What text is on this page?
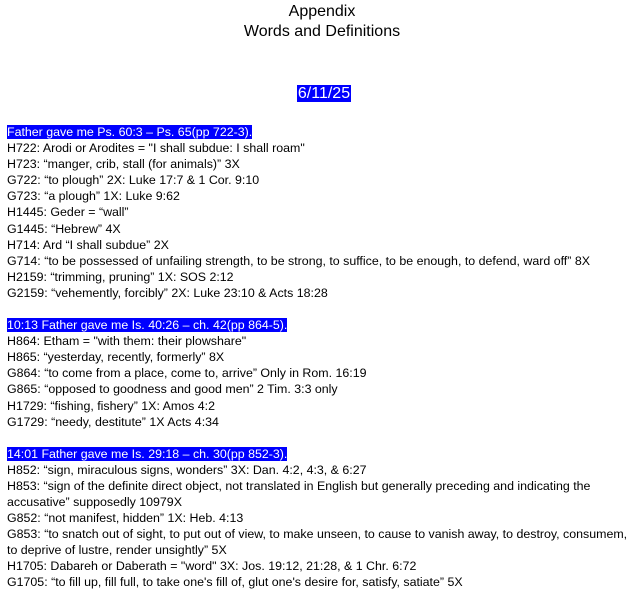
Appendix
Words and Definitions
6/11/25
Father gave me Ps. 60:3 – Ps. 65(pp 722-3).
H722: Arodi or Arodites = "I shall subdue: I shall roam"
H723: “manger, crib, stall (for animals)” 3X
G722: “to plough” 2X: Luke 17:7 & 1 Cor. 9:10
G723: “a plough” 1X: Luke 9:62
H1445: Geder = “wall”
G1445: “Hebrew” 4X
H714: Ard “I shall subdue” 2X
G714: “to be possessed of unfailing strength, to be strong, to suffice, to be enough, to defend, ward off” 8X
H2159: “trimming, pruning” 1X: SOS 2:12
G2159: “vehemently, forcibly” 2X: Luke 23:10 & Acts 18:28
10:13 Father gave me Is. 40:26 – ch. 42(pp 864-5).
H864: Etham = "with them: their plowshare"
H865: “yesterday, recently, formerly” 8X
G864: “to come from a place, come to, arrive” Only in Rom. 16:19
G865: “opposed to goodness and good men” 2 Tim. 3:3 only
H1729: “fishing, fishery” 1X: Amos 4:2
G1729: “needy, destitute” 1X Acts 4:34
14:01 Father gave me Is. 29:18 – ch. 30(pp 852-3).
H852: “sign, miraculous signs, wonders” 3X: Dan. 4:2, 4:3, & 6:27
H853: “sign of the definite direct object, not translated in English but generally preceding and indicating the accusative” supposedly 10979X
G852: “not manifest, hidden” 1X: Heb. 4:13
G853: “to snatch out of sight, to put out of view, to make unseen, to cause to vanish away, to destroy, consumem, to deprive of lustre, render unsightly” 5X
H1705: Dabareh or Daberath = "word" 3X: Jos. 19:12, 21:28, & 1 Chr. 6:72
G1705: “to fill up, fill full, to take one's fill of, glut one's desire for, satisfy, satiate” 5X
